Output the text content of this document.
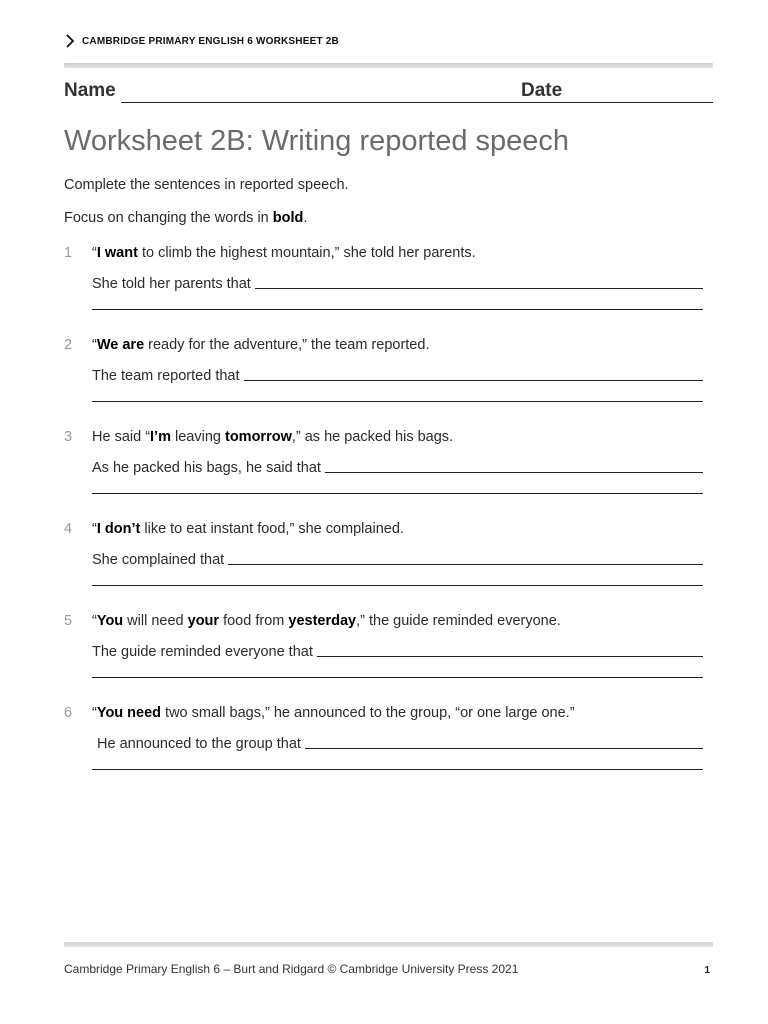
CAMBRIDGE PRIMARY ENGLISH 6 WORKSHEET 2B
Name	Date
Worksheet 2B: Writing reported speech
Complete the sentences in reported speech.
Focus on changing the words in bold.
1 “I want to climb the highest mountain,” she told her parents.
She told her parents that
2 “We are ready for the adventure,” the team reported.
The team reported that
3 He said “I’m leaving tomorrow,” as he packed his bags.
As he packed his bags, he said that
4 “I don’t like to eat instant food,” she complained.
She complained that
5 “You will need your food from yesterday,” the guide reminded everyone.
The guide reminded everyone that
6 “You need two small bags,” he announced to the group, “or one large one.”
He announced to the group that
Cambridge Primary English 6 – Burt and Ridgard © Cambridge University Press 2021	1
